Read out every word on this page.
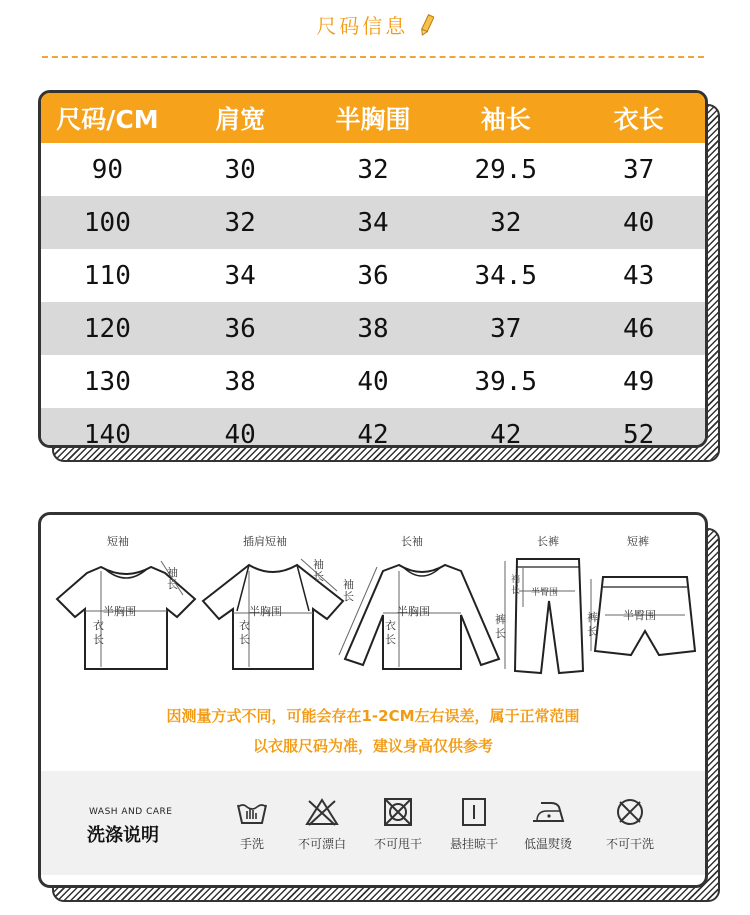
尺码信息
尺码/CM	肩宽	半胸围	袖长	衣长
90	30	32	29.5	37
100	32	34	32	40
110	34	36	34.5	43
120	36	38	37	46
130	38	40	39.5	49
140	40	42	42	52
短袖
半胸围
衣长
袖长
插肩短袖
半胸围
衣长
袖长
长袖
半胸围
衣长
袖长
长裤
半臀围
裆长
裤长
短裤
半臀围
裤长
因测量方式不同，可能会存在1-2CM左右误差，属于正常范围
以衣服尺码为准，建议身高仅供参考
WASH AND CARE
洗涤说明	手洗	不可漂白	不可甩干	悬挂晾干	低温熨烫	不可干洗
